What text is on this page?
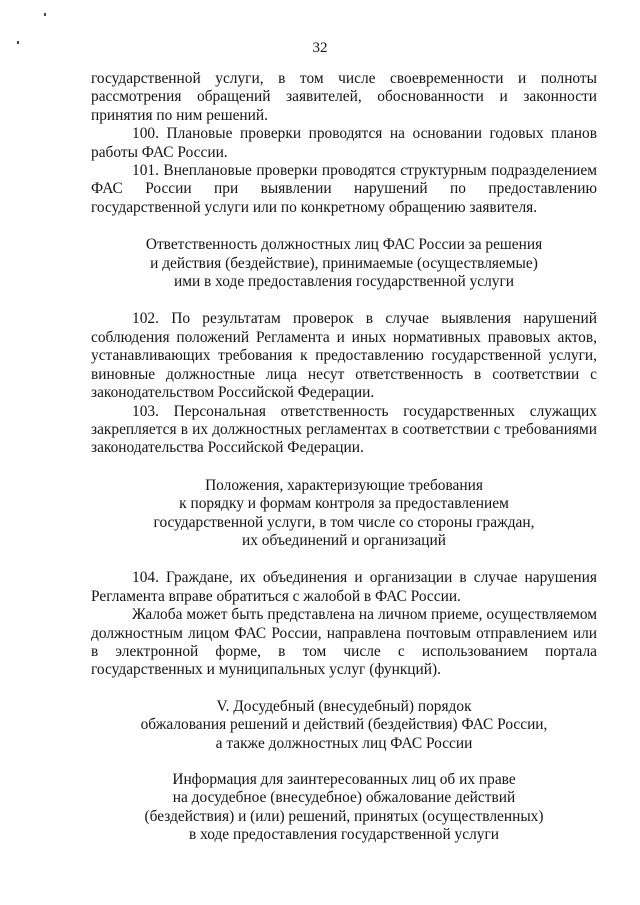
32

государственной услуги, в том числе своевременности и полноты рассмотрения обращений заявителей, обоснованности и законности принятия по ним решений.

100. Плановые проверки проводятся на основании годовых планов работы ФАС России.

101. Внеплановые проверки проводятся структурным подразделением ФАС России при выявлении нарушений по предоставлению государственной услуги или по конкретному обращению заявителя.

Ответственность должностных лиц ФАС России за решения
и действия (бездействие), принимаемые (осуществляемые)
ими в ходе предоставления государственной услуги

102. По результатам проверок в случае выявления нарушений соблюдения положений Регламента и иных нормативных правовых актов, устанавливающих требования к предоставлению государственной услуги, виновные должностные лица несут ответственность в соответствии с законодательством Российской Федерации.

103. Персональная ответственность государственных служащих закрепляется в их должностных регламентах в соответствии с требованиями законодательства Российской Федерации.

Положения, характеризующие требования
к порядку и формам контроля за предоставлением
государственной услуги, в том числе со стороны граждан,
их объединений и организаций

104. Граждане, их объединения и организации в случае нарушения Регламента вправе обратиться с жалобой в ФАС России.

Жалоба может быть представлена на личном приеме, осуществляемом должностным лицом ФАС России, направлена почтовым отправлением или в электронной форме, в том числе с использованием портала государственных и муниципальных услуг (функций).

V. Досудебный (внесудебный) порядок
обжалования решений и действий (бездействия) ФАС России,
а также должностных лиц ФАС России
Информация для заинтересованных лиц об их праве
на досудебное (внесудебное) обжалование действий
(бездействия) и (или) решений, принятых (осуществленных)
в ходе предоставления государственной услуги
